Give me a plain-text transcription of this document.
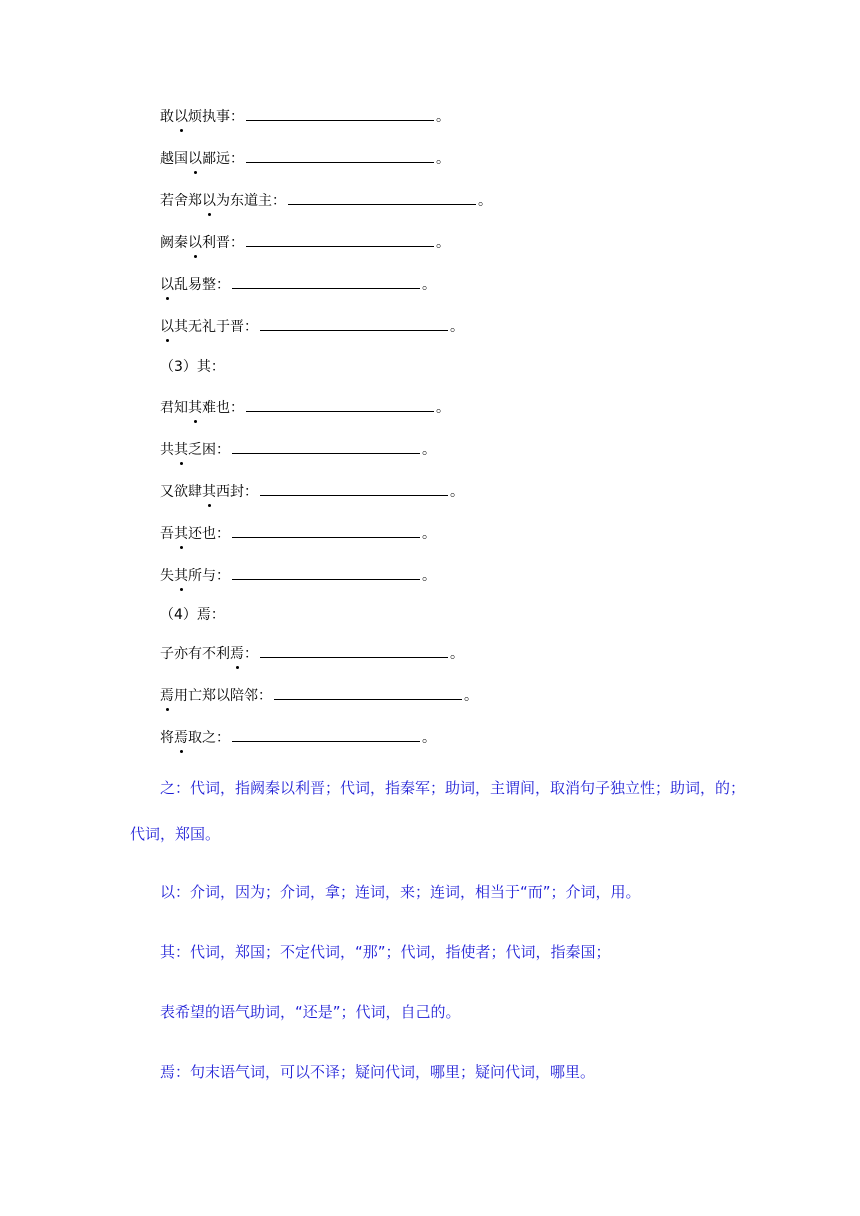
敢以烦执事：	。
越国以鄙远：	。
若舍郑以为东道主：	。
阙秦以利晋：	。
以乱易整：	。
以其无礼于晋：	。
（3）其：
君知其难也：	。
共其乏困：	。
又欲肆其西封：	。
吾其还也：	。
失其所与：	。
（4）焉：
子亦有不利焉：	。
焉用亡郑以陪邻：	。
将焉取之：	。
之：代词，指阙秦以利晋；代词，指秦军；助词，主谓间，取消句子独立性；助词，的；
代词，郑国。
以：介词，因为；介词，拿；连词，来；连词，相当于“而”；介词，用。
其：代词，郑国；不定代词，“那”；代词，指使者；代词，指秦国；
表希望的语气助词，“还是”；代词，自己的。
焉：句末语气词，可以不译；疑问代词，哪里；疑问代词，哪里。
